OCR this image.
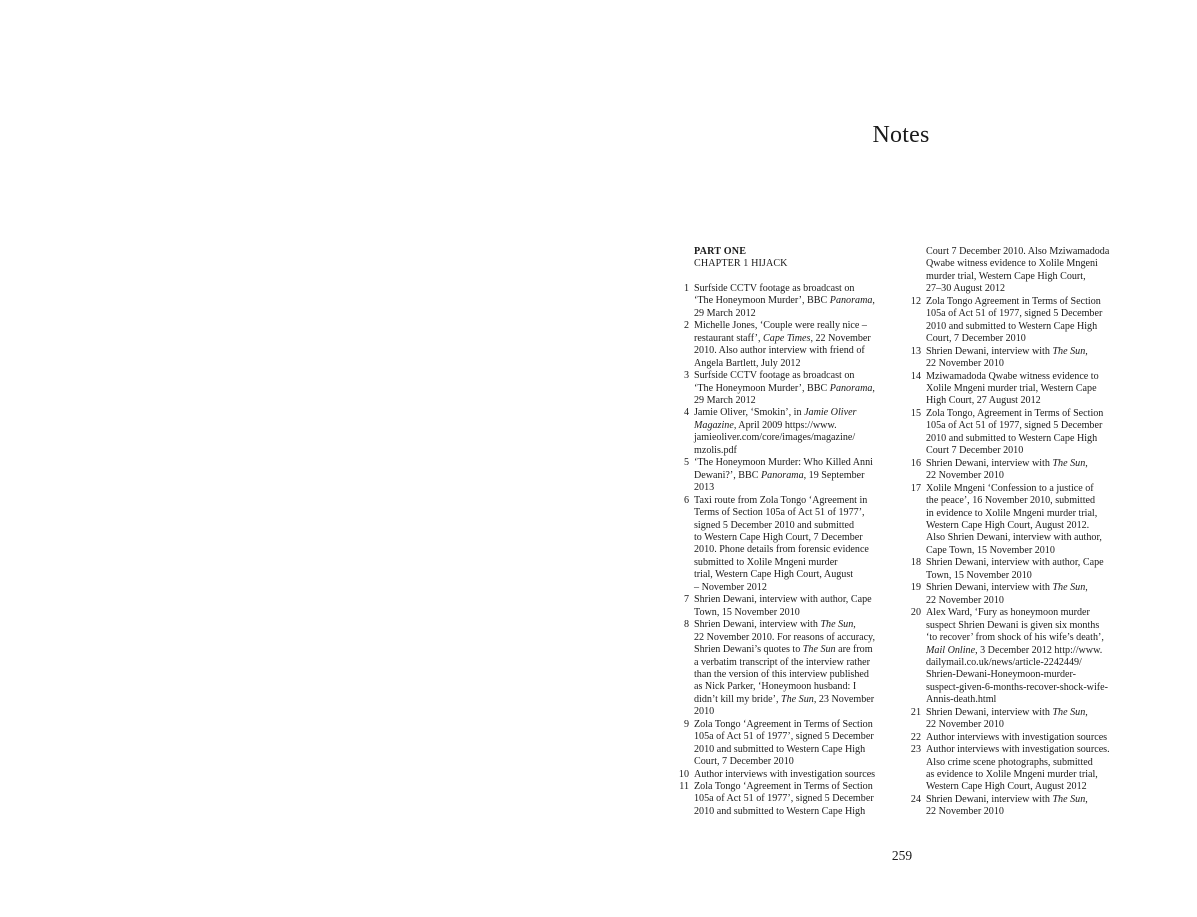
Notes
PART ONE
CHAPTER 1 HIJACK
1 Surfside CCTV footage as broadcast on
‘The Honeymoon Murder’, BBC Panorama,
29 March 2012
2 Michelle Jones, ‘Couple were really nice –
restaurant staff’, Cape Times, 22 November
2010. Also author interview with friend of
Angela Bartlett, July 2012
3 Surfside CCTV footage as broadcast on
‘The Honeymoon Murder’, BBC Panorama,
29 March 2012
4 Jamie Oliver, ‘Smokin’, in Jamie Oliver
Magazine, April 2009 https://www.
jamieoliver.com/core/images/magazine/
mzolis.pdf
5 ‘The Honeymoon Murder: Who Killed Anni
Dewani?’, BBC Panorama, 19 September
2013
6 Taxi route from Zola Tongo ‘Agreement in
Terms of Section 105a of Act 51 of 1977’,
signed 5 December 2010 and submitted
to Western Cape High Court, 7 December
2010. Phone details from forensic evidence
submitted to Xolile Mngeni murder
trial, Western Cape High Court, August
– November 2012
7 Shrien Dewani, interview with author, Cape
Town, 15 November 2010
8 Shrien Dewani, interview with The Sun,
22 November 2010. For reasons of accuracy,
Shrien Dewani’s quotes to The Sun are from
a verbatim transcript of the interview rather
than the version of this interview published
as Nick Parker, ‘Honeymoon husband: I
didn’t kill my bride’, The Sun, 23 November
2010
9 Zola Tongo ‘Agreement in Terms of Section
105a of Act 51 of 1977’, signed 5 December
2010 and submitted to Western Cape High
Court, 7 December 2010
10 Author interviews with investigation sources
11 Zola Tongo ‘Agreement in Terms of Section
105a of Act 51 of 1977’, signed 5 December
2010 and submitted to Western Cape High
Court 7 December 2010. Also Mziwamadoda
Qwabe witness evidence to Xolile Mngeni
murder trial, Western Cape High Court,
27–30 August 2012
12 Zola Tongo Agreement in Terms of Section
105a of Act 51 of 1977, signed 5 December
2010 and submitted to Western Cape High
Court, 7 December 2010
13 Shrien Dewani, interview with The Sun,
22 November 2010
14 Mziwamadoda Qwabe witness evidence to
Xolile Mngeni murder trial, Western Cape
High Court, 27 August 2012
15 Zola Tongo, Agreement in Terms of Section
105a of Act 51 of 1977, signed 5 December
2010 and submitted to Western Cape High
Court 7 December 2010
16 Shrien Dewani, interview with The Sun,
22 November 2010
17 Xolile Mngeni ‘Confession to a justice of
the peace’, 16 November 2010, submitted
in evidence to Xolile Mngeni murder trial,
Western Cape High Court, August 2012.
Also Shrien Dewani, interview with author,
Cape Town, 15 November 2010
18 Shrien Dewani, interview with author, Cape
Town, 15 November 2010
19 Shrien Dewani, interview with The Sun,
22 November 2010
20 Alex Ward, ‘Fury as honeymoon murder
suspect Shrien Dewani is given six months
‘to recover’ from shock of his wife’s death’,
Mail Online, 3 December 2012 http://www.
dailymail.co.uk/news/article-2242449/
Shrien-Dewani-Honeymoon-murder-
suspect-given-6-months-recover-shock-wife-
Annis-death.html
21 Shrien Dewani, interview with The Sun,
22 November 2010
22 Author interviews with investigation sources
23 Author interviews with investigation sources.
Also crime scene photographs, submitted
as evidence to Xolile Mngeni murder trial,
Western Cape High Court, August 2012
24 Shrien Dewani, interview with The Sun,
22 November 2010
259
